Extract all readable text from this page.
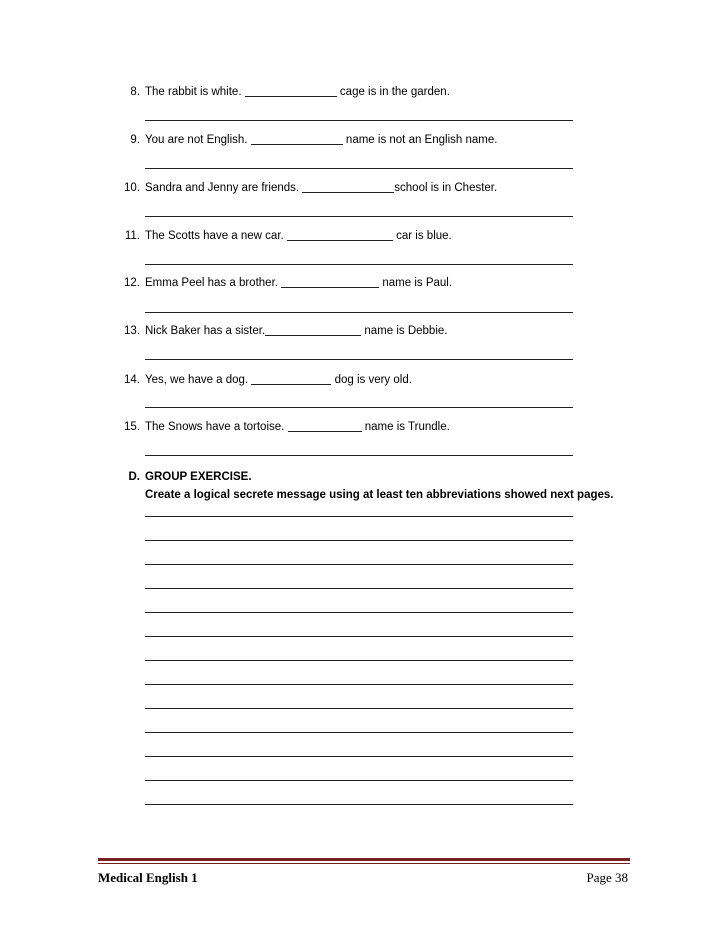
8. The rabbit is white.	cage is in the garden.
9. You are not English.	name is not an English name.
10. Sandra and Jenny are friends.	school is in Chester.
11. The Scotts have a new car.	car is blue.
12. Emma Peel has a brother.	name is Paul.
13. Nick Baker has a sister.	name is Debbie.
14. Yes, we have a dog.	dog is very old.
15. The Snows have a tortoise.	name is Trundle.
D. GROUP EXERCISE.
Create a logical secrete message using at least ten abbreviations showed next pages.
Medical English 1	Page 38
